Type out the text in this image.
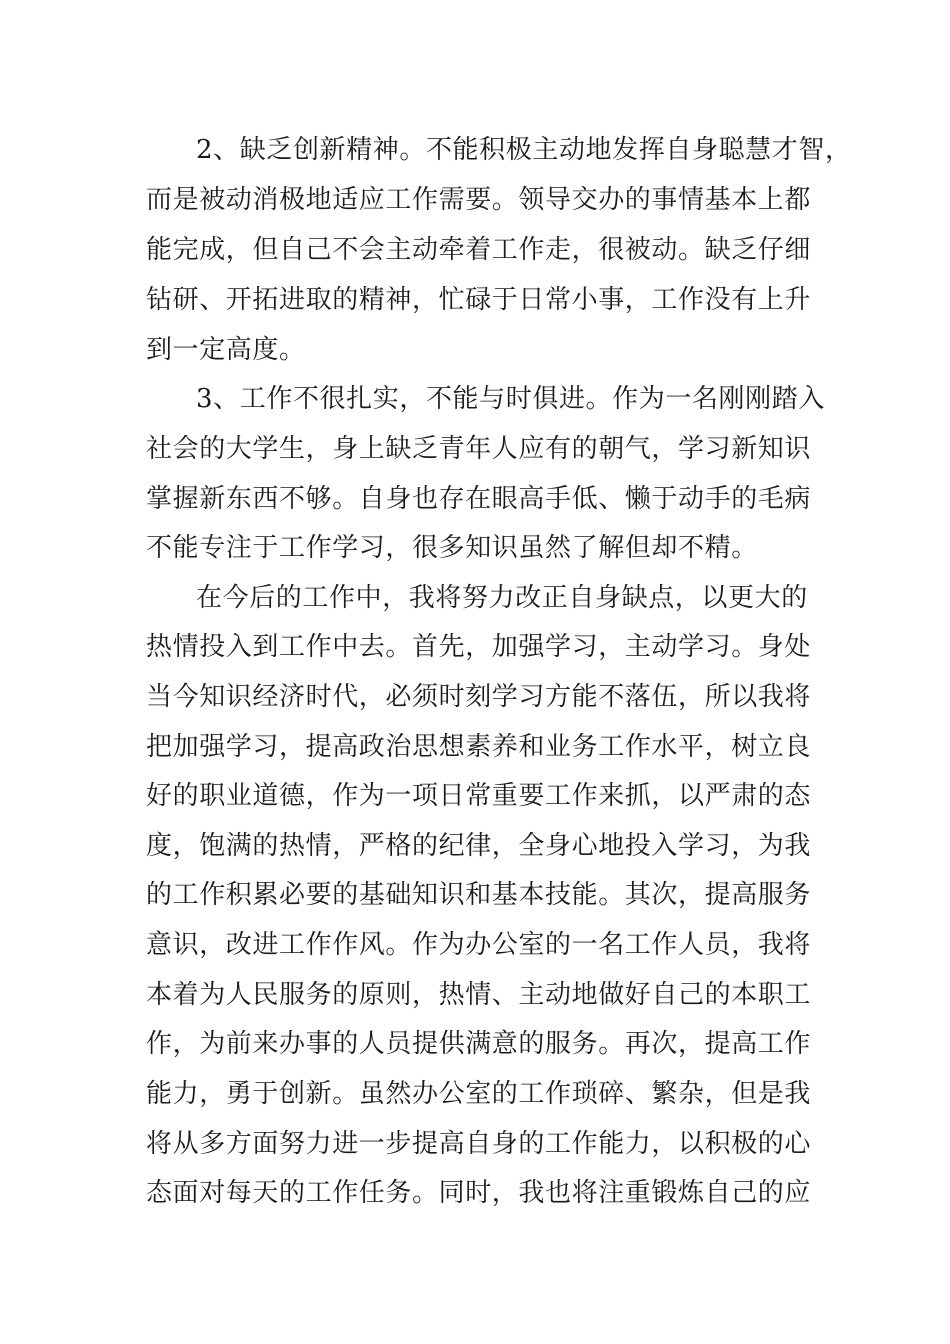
2、缺乏创新精神。不能积极主动地发挥自身聪慧才智，
而是被动消极地适应工作需要。领导交办的事情基本上都
能完成，但自己不会主动牵着工作走，很被动。缺乏仔细
钻研、开拓进取的精神，忙碌于日常小事，工作没有上升
到一定高度。
3、工作不很扎实，不能与时俱进。作为一名刚刚踏入
社会的大学生，身上缺乏青年人应有的朝气，学习新知识
掌握新东西不够。自身也存在眼高手低、懒于动手的毛病
不能专注于工作学习，很多知识虽然了解但却不精。
在今后的工作中，我将努力改正自身缺点，以更大的
热情投入到工作中去。首先，加强学习，主动学习。身处
当今知识经济时代，必须时刻学习方能不落伍，所以我将
把加强学习，提高政治思想素养和业务工作水平，树立良
好的职业道德，作为一项日常重要工作来抓，以严肃的态
度，饱满的热情，严格的纪律，全身心地投入学习，为我
的工作积累必要的基础知识和基本技能。其次，提高服务
意识，改进工作作风。作为办公室的一名工作人员，我将
本着为人民服务的原则，热情、主动地做好自己的本职工
作，为前来办事的人员提供满意的服务。再次，提高工作
能力，勇于创新。虽然办公室的工作琐碎、繁杂，但是我
将从多方面努力进一步提高自身的工作能力，以积极的心
态面对每天的工作任务。同时，我也将注重锻炼自己的应
